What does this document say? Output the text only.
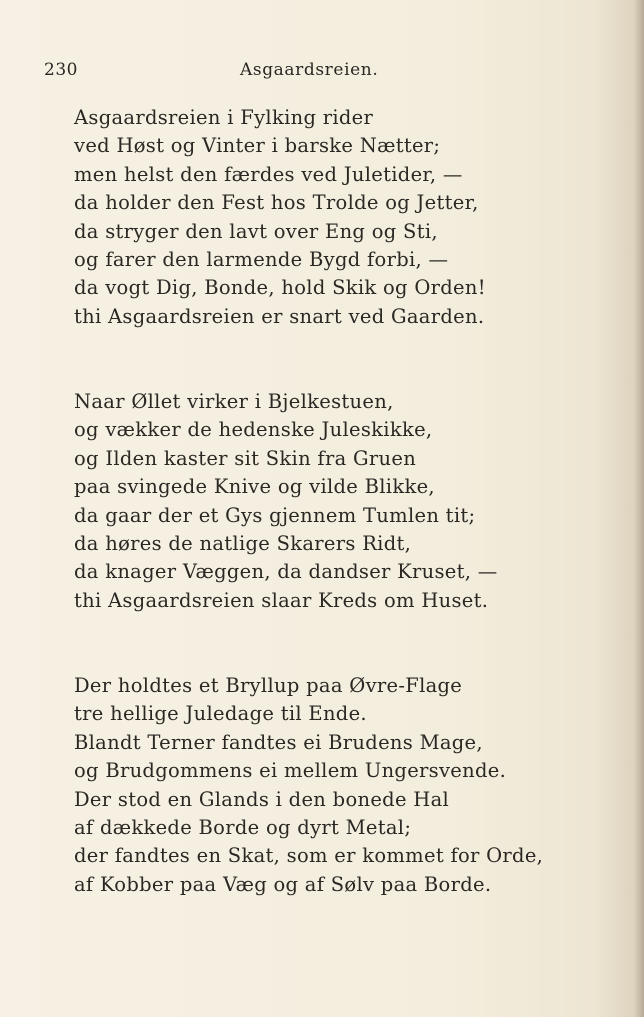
230	Asgaardsreien.
Asgaardsreien i Fylking rider
ved Høst og Vinter i barske Nætter;
men helst den færdes ved Juletider, —
da holder den Fest hos Trolde og Jetter,
da stryger den lavt over Eng og Sti,
og farer den larmende Bygd forbi, —
da vogt Dig, Bonde, hold Skik og Orden!
thi Asgaardsreien er snart ved Gaarden.
Naar Øllet virker i Bjelkestuen,
og vækker de hedenske Juleskikke,
og Ilden kaster sit Skin fra Gruen
paa svingede Knive og vilde Blikke,
da gaar der et Gys gjennem Tumlen tit;
da høres de natlige Skarers Ridt,
da knager Væggen, da dandser Kruset, —
thi Asgaardsreien slaar Kreds om Huset.
Der holdtes et Bryllup paa Øvre-Flage
tre hellige Juledage til Ende.
Blandt Terner fandtes ei Brudens Mage,
og Brudgommens ei mellem Ungersvende.
Der stod en Glands i den bonede Hal
af dækkede Borde og dyrt Metal;
der fandtes en Skat, som er kommet for Orde,
af Kobber paa Væg og af Sølv paa Borde.
